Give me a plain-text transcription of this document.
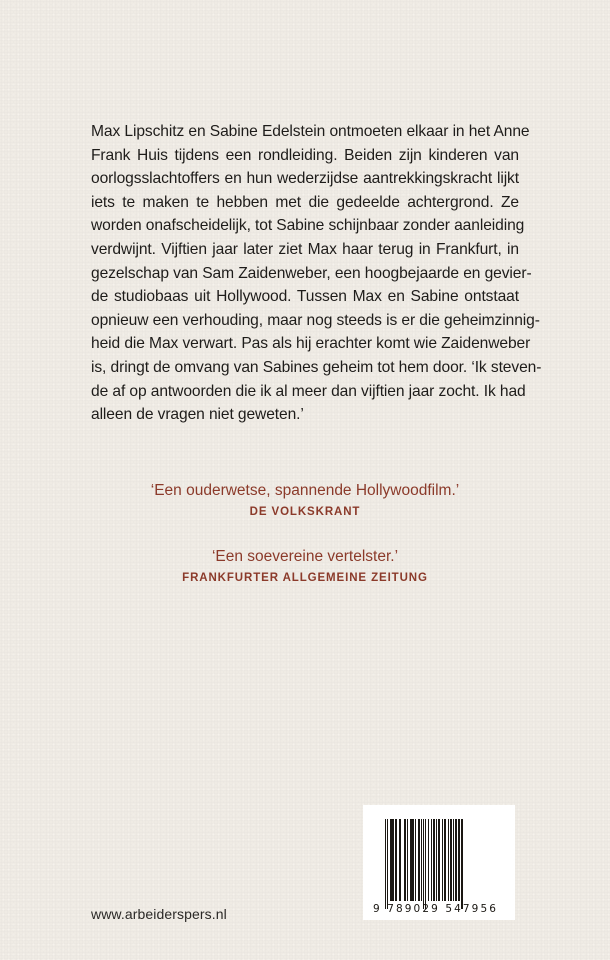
Max Lipschitz en Sabine Edelstein ontmoeten elkaar in het Anne
Frank Huis tijdens een rondleiding. Beiden zijn kinderen van
oorlogsslachtoffers en hun wederzijdse aantrekkingskracht lijkt
iets te maken te hebben met die gedeelde achtergrond. Ze
worden onafscheidelijk, tot Sabine schijnbaar zonder aanleiding
verdwijnt. Vijftien jaar later ziet Max haar terug in Frankfurt, in
gezelschap van Sam Zaidenweber, een hoogbejaarde en gevier-
de studiobaas uit Hollywood. Tussen Max en Sabine ontstaat
opnieuw een verhouding, maar nog steeds is er die geheimzinnig-
heid die Max verwart. Pas als hij erachter komt wie Zaidenweber
is, dringt de omvang van Sabines geheim tot hem door. ‘Ik steven-
de af op antwoorden die ik al meer dan vijftien jaar zocht. Ik had
alleen de vragen niet geweten.’
‘Een ouderwetse, spannende Hollywoodfilm.’
DE VOLKSKRANT
‘Een soevereine vertelster.’
FRANKFURTER ALLGEMEINE ZEITUNG
www.arbeiderspers.nl	9 789029 547956
